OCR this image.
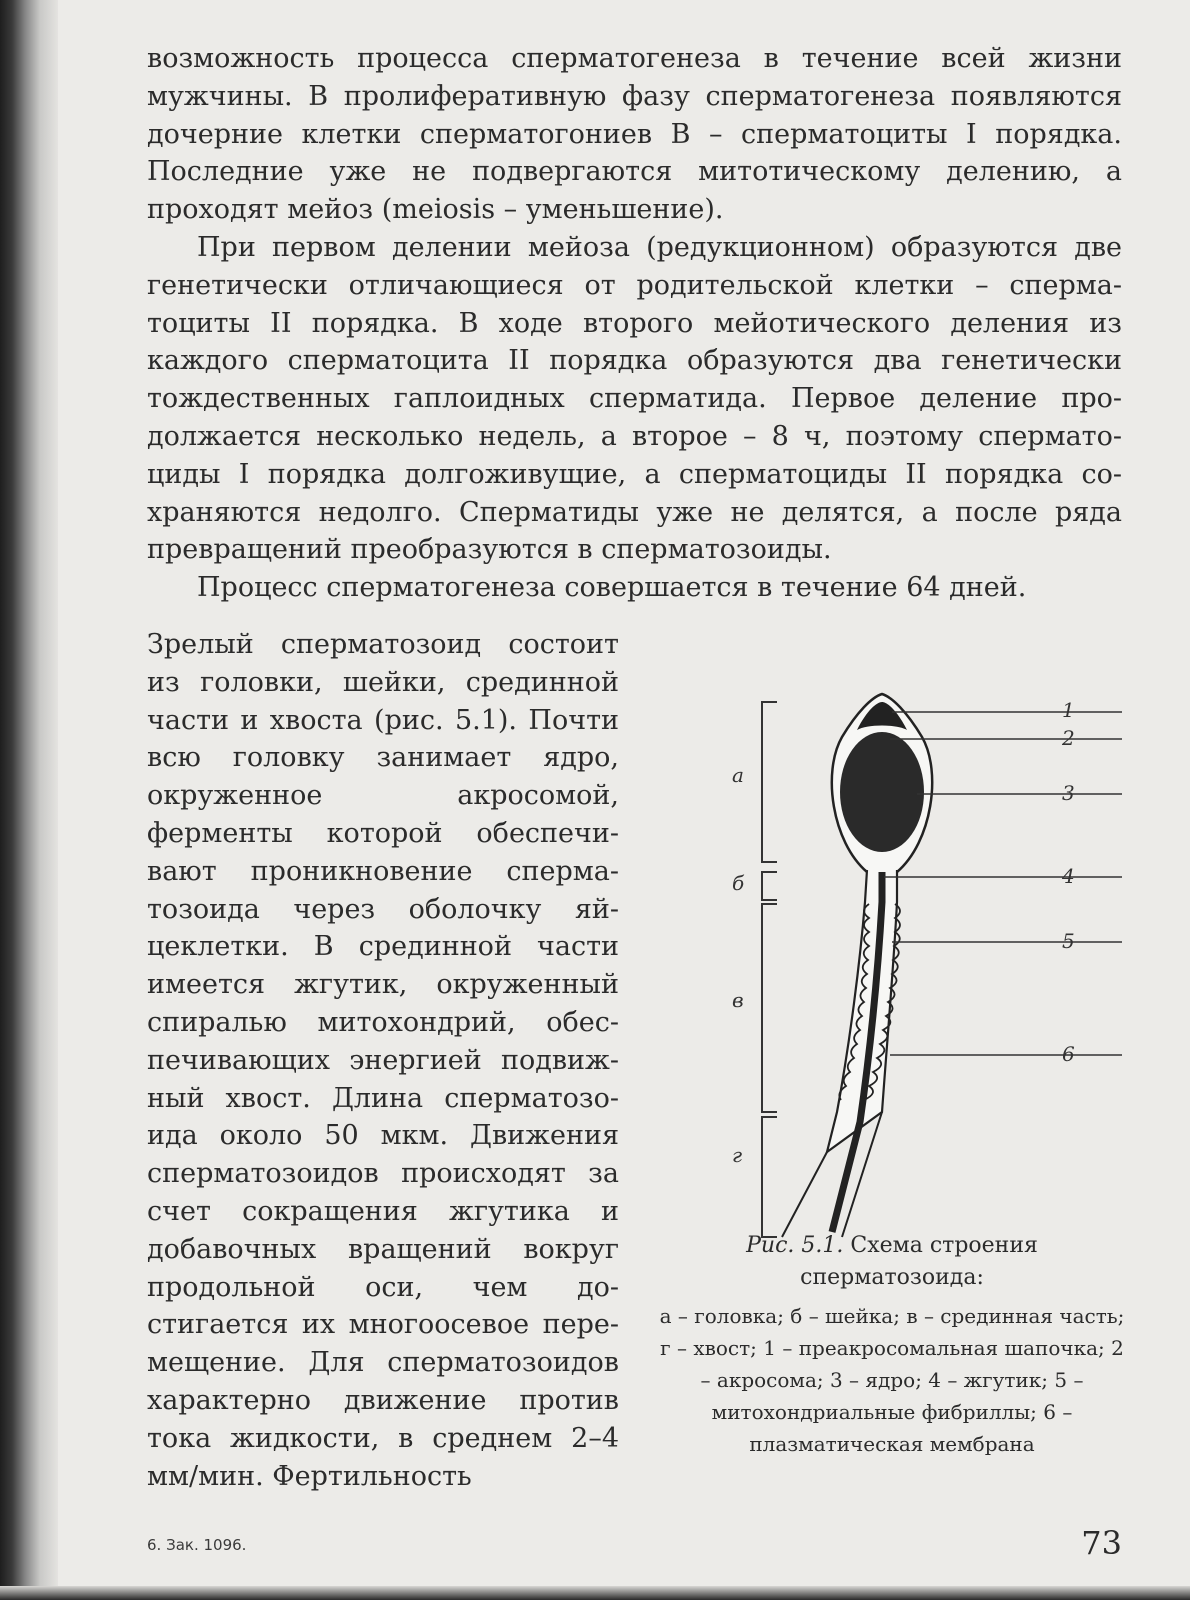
возможность процесса сперматогенеза в течение всей жизни мужчины. В пролиферативную фазу сперматогенеза появляются дочерние клетки сперматогониев В – сперматоциты I порядка. Последние уже не подвергаются митотическому делению, а проходят мейоз (meiosis – уменьшение).

При первом делении мейоза (редукционном) образуются две генетически отличающиеся от родительской клетки – сперматоциты II порядка. В ходе второго мейотического деления из каждого сперматоцита II порядка образуются два генетически тождественных гаплоидных сперматида. Первое деление продолжается несколько недель, а второе – 8 ч, поэтому сперматоциды I порядка долгоживущие, а сперматоциды II порядка сохраняются недолго. Сперматиды уже не делятся, а после ряда превращений преобразуются в сперматозоиды.

Процесс сперматогенеза совершается в течение 64 дней.

Зрелый сперматозоид состоит из головки, шейки, срединной части и хвоста (рис. 5.1). Почти всю головку занимает ядро, окруженное акросомой, ферменты которой обеспечивают проникновение сперматозоида через оболочку яйцеклетки. В срединной части имеется жгутик, окруженный спиралью митохондрий, обеспечивающих энергией подвижный хвост. Длина сперматозоида около 50 мкм. Движения сперматозоидов происходят за счет сокращения жгутика и добавочных вращений вокруг продольной оси, чем достигается их многоосевое перемещение. Для сперматозоидов характерно движение против тока жидкости, в среднем 2–4 мм/мин. Фертильность

а
б
в
г
1
2
3
4
5
6

Рис. 5.1. Схема строения сперматозоида:

а – головка; б – шейка; в – срединная часть; г – хвост; 1 – преакросомальная шапочка; 2 – акросома; 3 – ядро; 4 – жгутик; 5 – митохондриальные фибриллы; 6 – плазматическая мембрана

6. Зак. 1096.	73
